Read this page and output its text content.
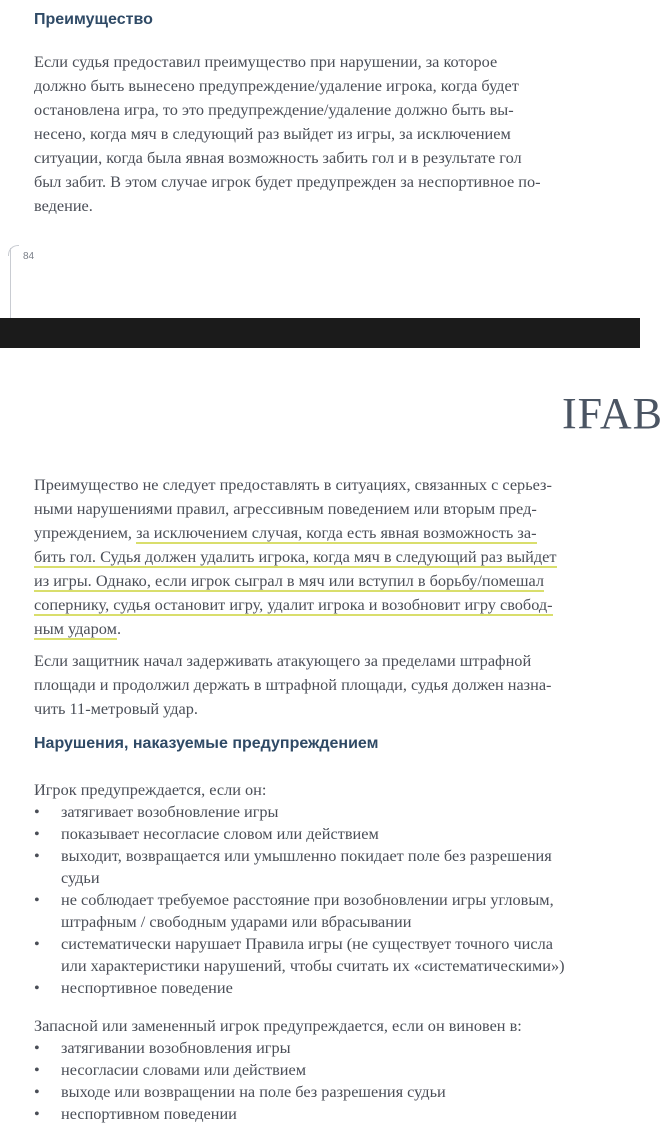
Преимущество
Если судья предоставил преимущество при нарушении, за которое
должно быть вынесено предупреждение/удаление игрока, когда будет
остановлена игра, то это предупреждение/удаление должно быть вы-
несено, когда мяч в следующий раз выйдет из игры, за исключением
ситуации, когда была явная возможность забить гол и в результате гол
был забит. В этом случае игрок будет предупрежден за неспортивное по-
ведение.
84
IFAB
Преимущество не следует предоставлять в ситуациях, связанных с серьез-
ными нарушениями правил, агрессивным поведением или вторым пред-
упреждением, за исключением случая, когда есть явная возможность за-
бить гол. Судья должен удалить игрока, когда мяч в следующий раз выйдет
из игры. Однако, если игрок сыграл в мяч или вступил в борьбу/помешал
сопернику, судья остановит игру, удалит игрока и возобновит игру свобод-
ным ударом.
Если защитник начал задерживать атакующего за пределами штрафной
площади и продолжил держать в штрафной площади, судья должен назна-
чить 11-метровый удар.
Нарушения, наказуемые предупреждением
Игрок предупреждается, если он:
• затягивает возобновление игры
• показывает несогласие словом или действием
• выходит, возвращается или умышленно покидает поле без разрешения
судьи
• не соблюдает требуемое расстояние при возобновлении игры угловым,
штрафным / свободным ударами или вбрасывании
• систематически нарушает Правила игры (не существует точного числа
или характеристики нарушений, чтобы считать их «систематическими»)
• неспортивное поведение
Запасной или замененный игрок предупреждается, если он виновен в:
• затягивании возобновления игры
• несогласии словами или действием
• выходе или возвращении на поле без разрешения судьи
• неспортивном поведении
